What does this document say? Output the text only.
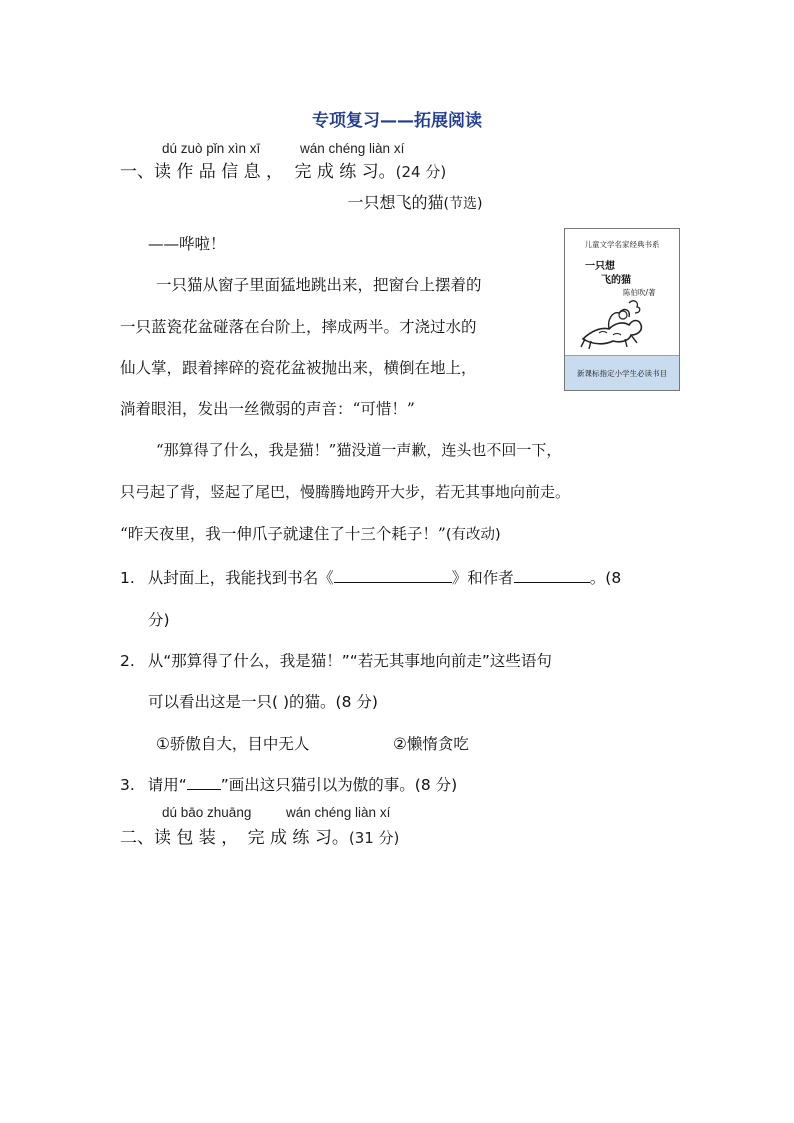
专项复习——拓展阅读
dú zuò pǐn xìn xī	wán chéng liàn xí
一、读 作 品 信 息 ， 完 成 练 习。(24 分)
一只想飞的猫(节选)
——哗啦！
一只猫从窗子里面猛地跳出来，把窗台上摆着的
一只蓝瓷花盆碰落在台阶上，摔成两半。才浇过水的
仙人掌，跟着摔碎的瓷花盆被抛出来，横倒在地上，
淌着眼泪，发出一丝微弱的声音：“可惜！”
“那算得了什么，我是猫！”猫没道一声歉，连头也不回一下，
只弓起了背，竖起了尾巴，慢腾腾地跨开大步，若无其事地向前走。
“昨天夜里，我一伸爪子就逮住了十三个耗子！”(有改动)
儿童文学名家经典书系
一只想
飞的猫
陈伯吹/著
新课标指定小学生必读书目
1. 从封面上，我能找到书名《	》和作者	。(8
分)
2. 从“那算得了什么，我是猫！”“若无其事地向前走”这些语句
可以看出这是一只( )的猫。(8 分)
①骄傲自大，目中无人	②懒惰贪吃
3. 请用“ ”画出这只猫引以为傲的事。(8 分)
dú bāo zhuāng	wán chéng liàn xí
二、读 包 装 ， 完 成 练 习。(31 分)
